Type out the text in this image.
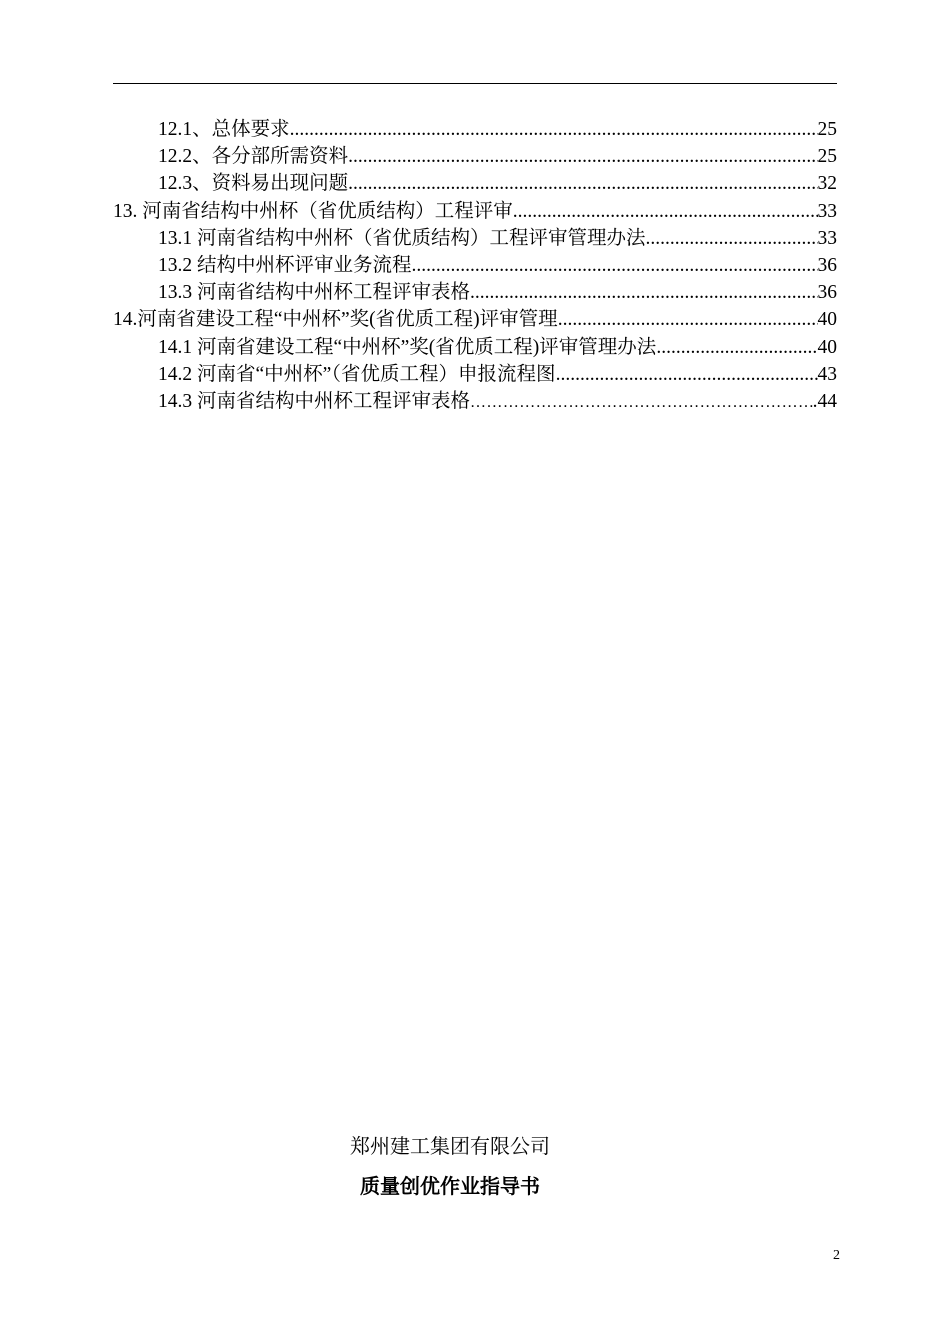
12.1、总体要求 .....	25
12.2、各分部所需资料 .....	25
12.3、资料易出现问题 .....	32
13. 河南省结构中州杯（省优质结构）工程评审 .....	33
13.1 河南省结构中州杯（省优质结构）工程评审管理办法 .....	33
13.2 结构中州杯评审业务流程 .....	36
13.3 河南省结构中州杯工程评审表格 .....	36
14.河南省建设工程“中州杯”奖(省优质工程)评审管理 .....	40
14.1 河南省建设工程“中州杯”奖(省优质工程)评审管理办法 .....	40
14.2 河南省“中州杯”（省优质工程）申报流程图 .....	43
14.3 河南省结构中州杯工程评审表格 …………………………………………………………………………………………………	.44
郑州建工集团有限公司
质量创优作业指导书
2
